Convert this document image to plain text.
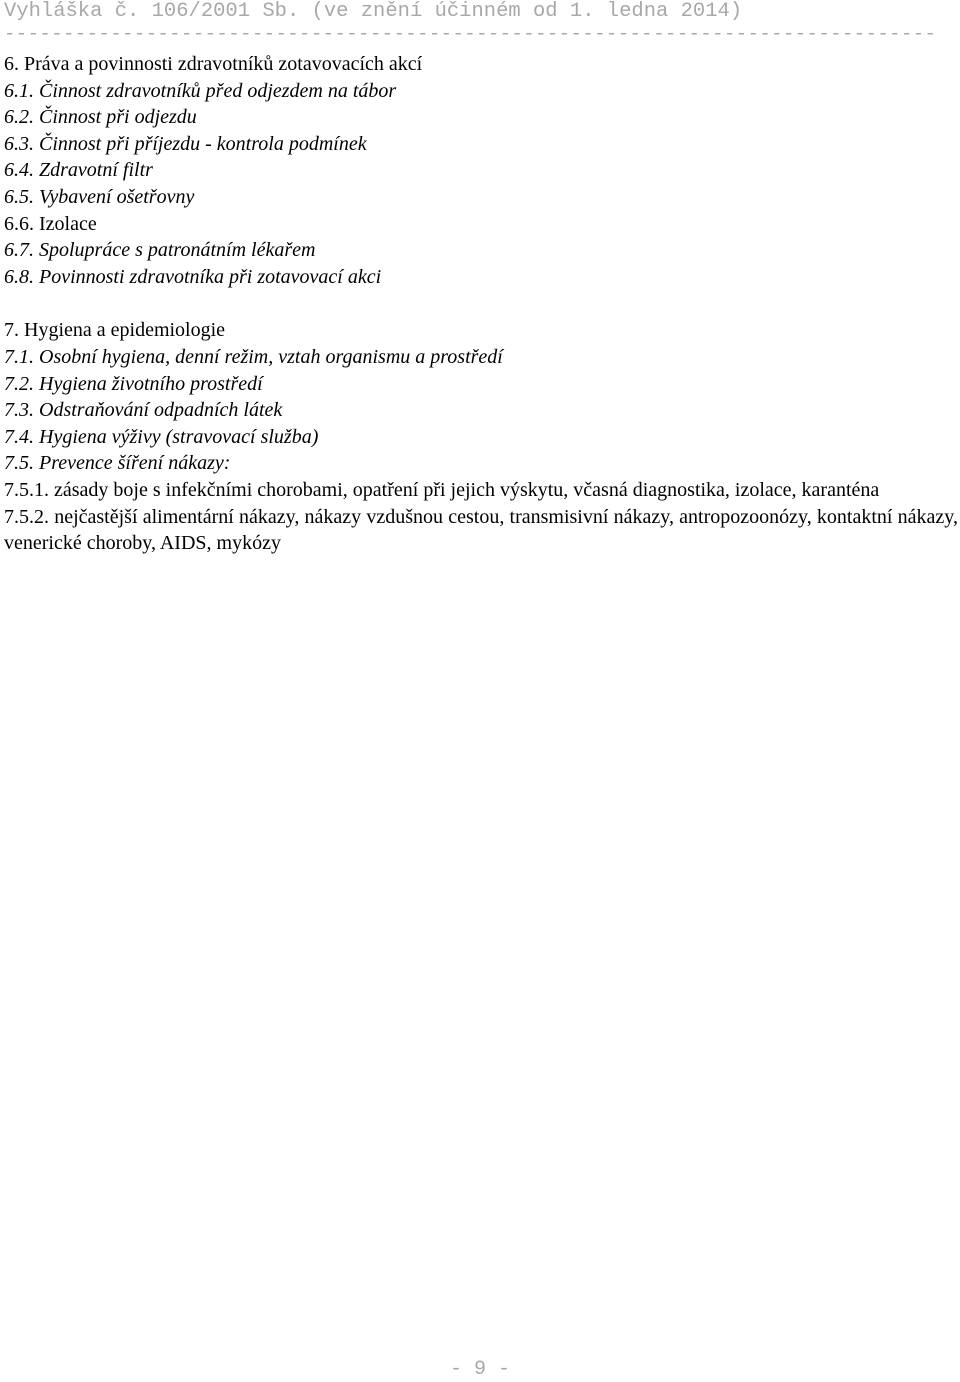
Vyhláška č. 106/2001 Sb. (ve znění účinném od 1. ledna 2014)
-------------------------------------------------------------------------------

6. Práva a povinnosti zdravotníků zotavovacích akcí

6.1. Činnost zdravotníků před odjezdem na tábor

6.2. Činnost při odjezdu

6.3. Činnost při příjezdu - kontrola podmínek

6.4. Zdravotní filtr

6.5. Vybavení ošetřovny

6.6. Izolace

6.7. Spolupráce s patronátním lékařem

6.8. Povinnosti zdravotníka při zotavovací akci

7. Hygiena a epidemiologie

7.1. Osobní hygiena, denní režim, vztah organismu a prostředí

7.2. Hygiena životního prostředí

7.3. Odstraňování odpadních látek

7.4. Hygiena výživy (stravovací služba)

7.5. Prevence šíření nákazy:

7.5.1. zásady boje s infekčními chorobami, opatření při jejich výskytu, včasná diagnostika, izolace, karanténa

7.5.2. nejčastější alimentární nákazy, nákazy vzdušnou cestou, transmisivní nákazy, antropozoonózy, kontaktní nákazy, venerické choroby, AIDS, mykózy

- 9 -
